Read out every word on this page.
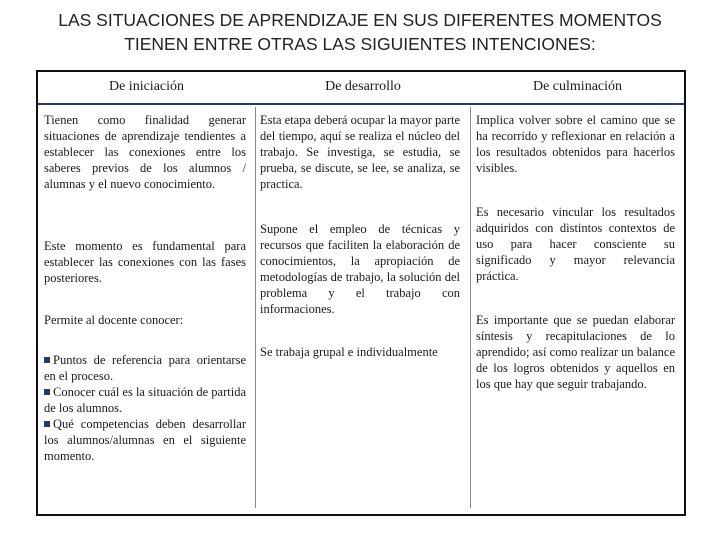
LAS SITUACIONES DE APRENDIZAJE EN SUS DIFERENTES MOMENTOS
TIENEN ENTRE OTRAS LAS SIGUIENTES INTENCIONES:
De iniciación	De desarrollo	De culminación
Tienen como finalidad generar situaciones de aprendizaje tendientes a establecer las conexiones entre los saberes previos de los alumnos / alumnas y el nuevo conocimiento.
Este momento es fundamental para establecer las conexiones con las fases posteriores.
Permite al docente conocer:
Puntos de referencia para orientarse en el proceso.
Conocer cuál es la situación de partida de los alumnos.
Qué competencias deben desarrollar los alumnos/alumnas en el siguiente momento.
Esta etapa deberá ocupar la mayor parte del tiempo, aquí se realiza el núcleo del trabajo. Se investiga, se estudia, se prueba, se discute, se lee, se analiza, se practica.
Supone el empleo de técnicas y recursos que faciliten la elaboración de conocimientos, la apropiación de metodologías de trabajo, la solución del problema y el trabajo con informaciones.
Se trabaja grupal e individualmente
Implica volver sobre el camino que se ha recorrido y reflexionar en relación a los resultados obtenidos para hacerlos visibles.
Es necesario vincular los resultados adquiridos con distintos contextos de uso para hacer consciente su significado y mayor relevancia práctica.
Es importante que se puedan elaborar síntesis y recapitulaciones de lo aprendido; así como realizar un balance de los logros obtenidos y aquellos en los que hay que seguir trabajando.
